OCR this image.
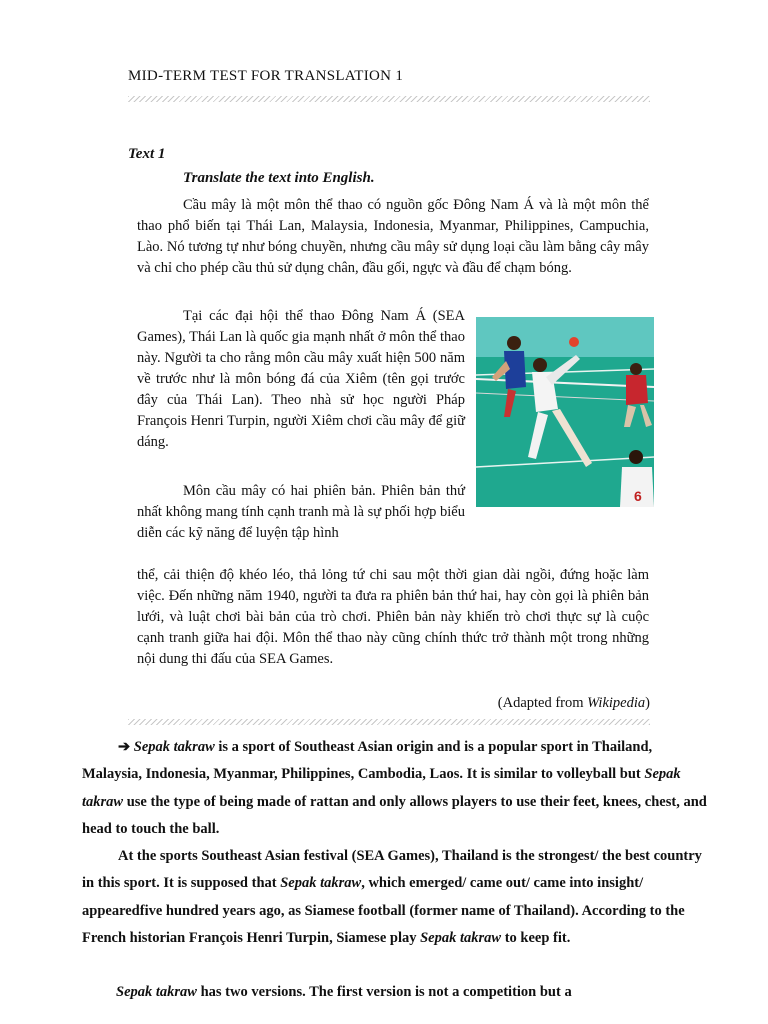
MID-TERM TEST FOR TRANSLATION 1
Text 1
Translate the text into English.

Cầu mây là một môn thể thao có nguồn gốc Đông Nam Á và là một môn thể thao phổ biến tại Thái Lan, Malaysia, Indonesia, Myanmar, Philippines, Campuchia, Lào. Nó tương tự như bóng chuyền, nhưng cầu mây sử dụng loại cầu làm bằng cây mây và chỉ cho phép cầu thủ sử dụng chân, đầu gối, ngực và đầu để chạm bóng.

Tại các đại hội thể thao Đông Nam Á (SEA Games), Thái Lan là quốc gia mạnh nhất ở môn thể thao này. Người ta cho rằng môn cầu mây xuất hiện 500 năm về trước như là môn bóng đá của Xiêm (tên gọi trước đây của Thái Lan). Theo nhà sử học người Pháp François Henri Turpin, người Xiêm chơi cầu mây để giữ dáng.

6

Môn cầu mây có hai phiên bản. Phiên bản thứ nhất không mang tính cạnh tranh mà là sự phối hợp biểu diễn các kỹ năng để luyện tập hình

thể, cải thiện độ khéo léo, thả lỏng tứ chi sau một thời gian dài ngồi, đứng hoặc làm việc. Đến những năm 1940, người ta đưa ra phiên bản thứ hai, hay còn gọi là phiên bản lưới, và luật chơi bài bản của trò chơi. Phiên bản này khiến trò chơi thực sự là cuộc cạnh tranh giữa hai đội. Môn thể thao này cũng chính thức trở thành một trong những nội dung thi đấu của SEA Games.

(Adapted from Wikipedia)

➔ Sepak takraw is a sport of Southeast Asian origin and is a popular sport in Thailand, Malaysia, Indonesia, Myanmar, Philippines, Cambodia, Laos. It is similar to volleyball but Sepak takraw use the type of being made of rattan and only allows players to use their feet, knees, chest, and head to touch the ball.

At the sports Southeast Asian festival (SEA Games), Thailand is the strongest/ the best country in this sport. It is supposed that Sepak takraw, which emerged/ came out/ came into insight/ appearedfive hundred years ago, as Siamese football (former name of Thailand). According to the French historian François Henri Turpin, Siamese play Sepak takraw to keep fit.

Sepak takraw has two versions. The first version is not a competition but a
